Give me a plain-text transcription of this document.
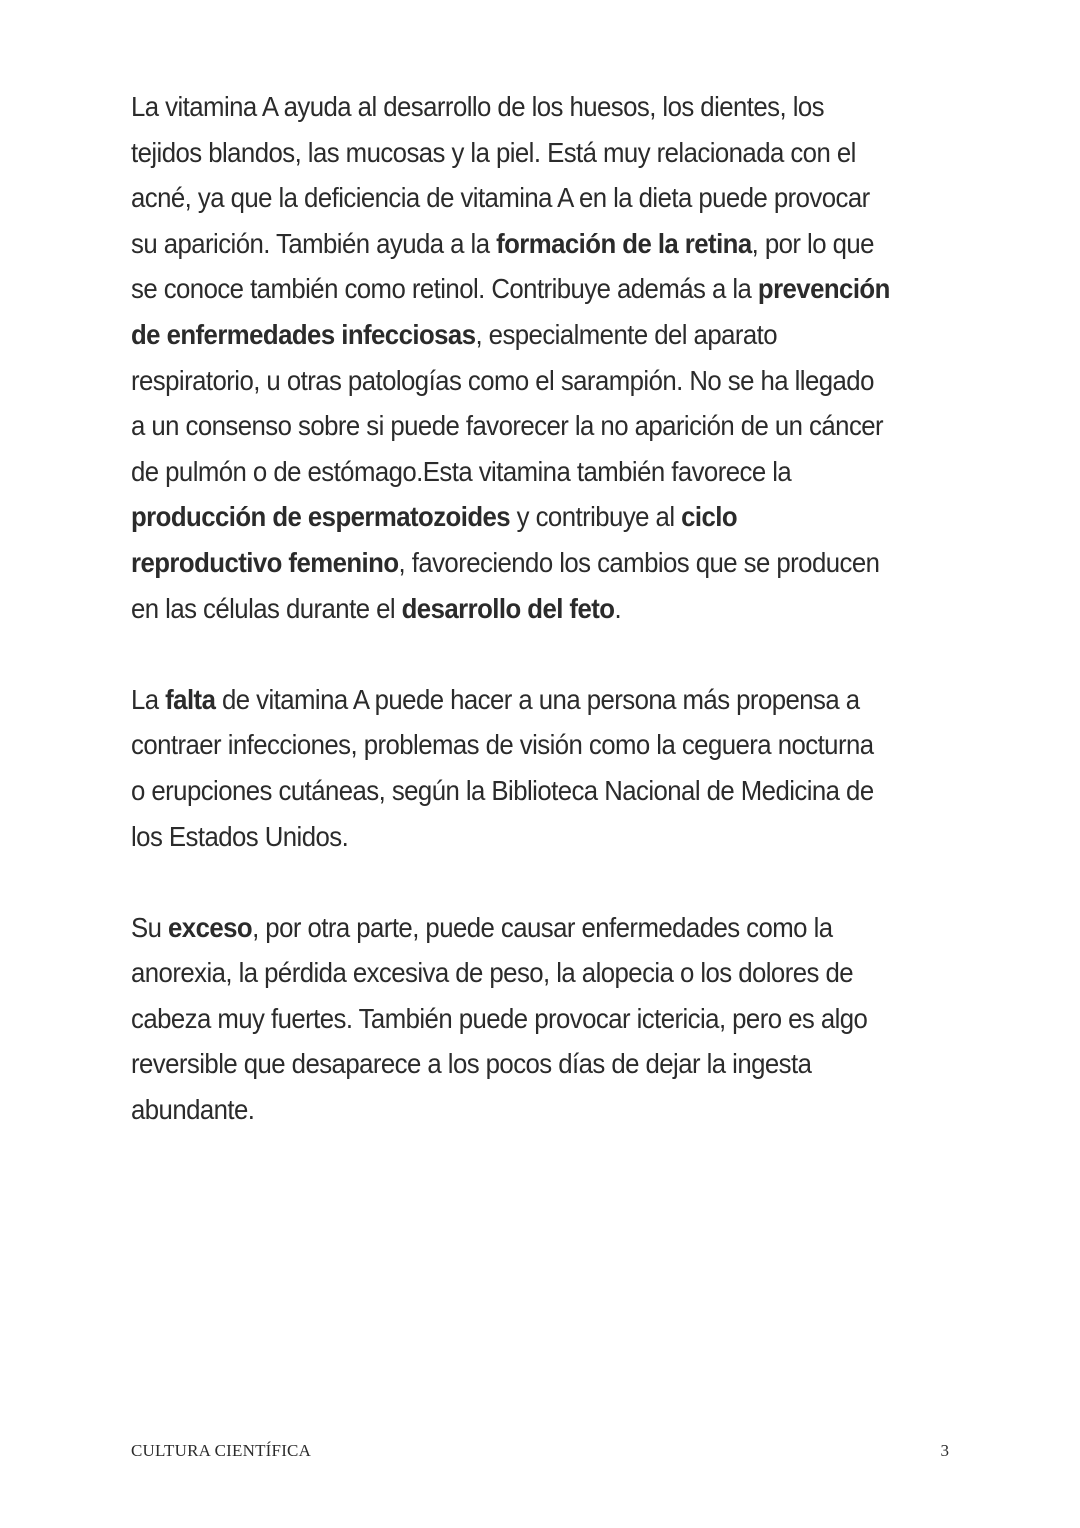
La vitamina A ayuda al desarrollo de los huesos, los dientes, los tejidos blandos, las mucosas y la piel. Está muy relacionada con el acné, ya que la deficiencia de vitamina A en la dieta puede provocar su aparición. También ayuda a la formación de la retina, por lo que se conoce también como retinol. Contribuye además a la prevención de enfermedades infecciosas, especialmente del aparato respiratorio, u otras patologías como el sarampión. No se ha llegado a un consenso sobre si puede favorecer la no aparición de un cáncer de pulmón o de estómago.Esta vitamina también favorece la producción de espermatozoides y contribuye al ciclo reproductivo femenino, favoreciendo los cambios que se producen en las células durante el desarrollo del feto.

La falta de vitamina A puede hacer a una persona más propensa a contraer infecciones, problemas de visión como la ceguera nocturna o erupciones cutáneas, según la Biblioteca Nacional de Medicina de los Estados Unidos.

Su exceso, por otra parte, puede causar enfermedades como la anorexia, la pérdida excesiva de peso, la alopecia o los dolores de cabeza muy fuertes. También puede provocar ictericia, pero es algo reversible que desaparece a los pocos días de dejar la ingesta abundante.

CULTURA CIENTÍFICA	3
